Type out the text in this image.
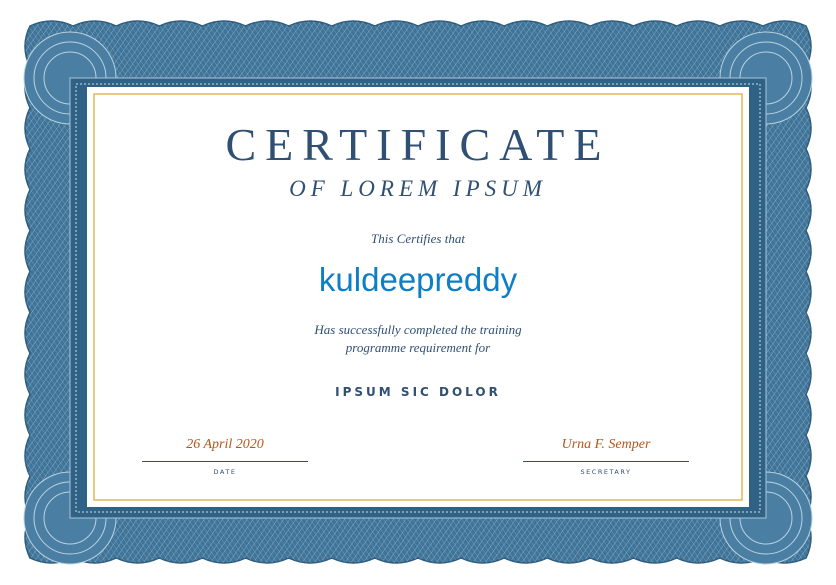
CERTIFICATE
OF LOREM IPSUM
This Certifies that
kuldeepreddy
Has successfully completed the training
programme requirement for
IPSUM SIC DOLOR
26 April 2020
DATE
Urna F. Semper
SECRETARY
